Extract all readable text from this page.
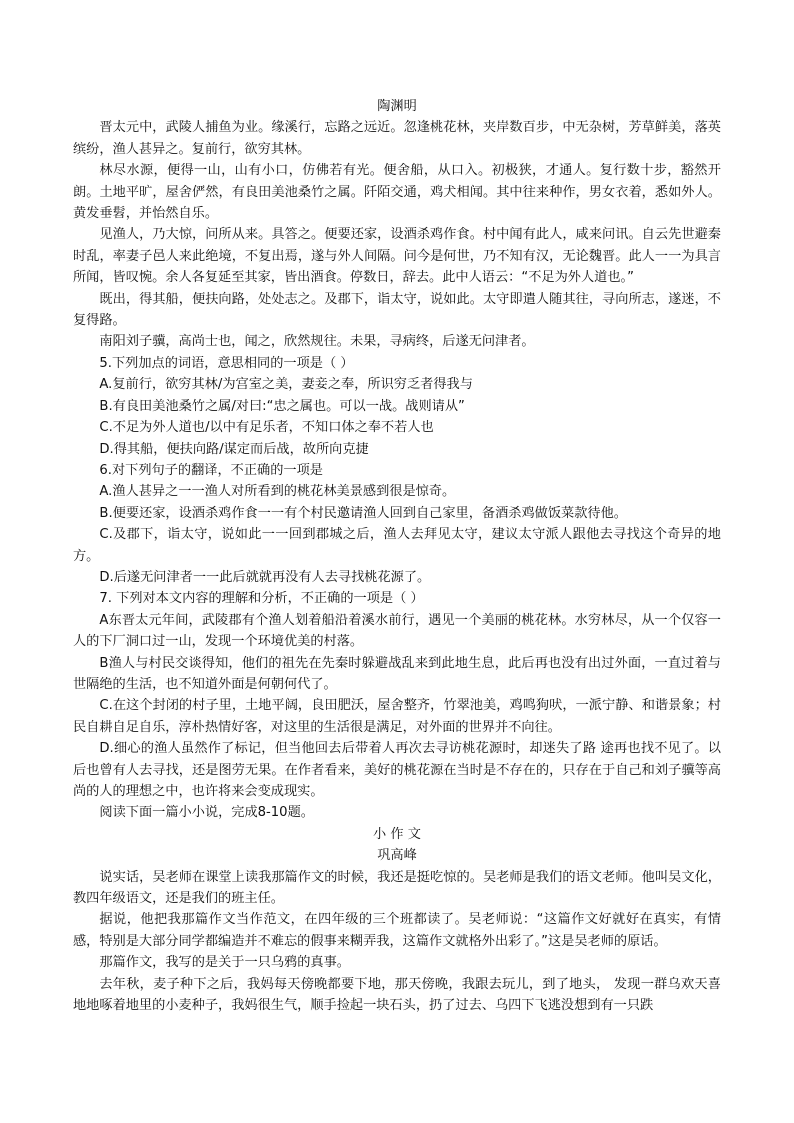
陶渊明

晋太元中，武陵人捕鱼为业。缘溪行，忘路之远近。忽逢桃花林，夹岸数百步，中无杂树，芳草鲜美，落英缤纷，渔人甚异之。复前行，欲穷其林。

林尽水源，便得一山，山有小口，仿佛若有光。便舍船，从口入。初极狭，才通人。复行数十步，豁然开朗。土地平旷，屋舍俨然，有良田美池桑竹之属。阡陌交通，鸡犬相闻。其中往来种作，男女衣着，悉如外人。黄发垂髫，并怡然自乐。

见渔人，乃大惊，问所从来。具答之。便要还家，设酒杀鸡作食。村中闻有此人，咸来问讯。自云先世避秦时乱，率妻子邑人来此绝境，不复出焉，遂与外人间隔。问今是何世，乃不知有汉，无论魏晋。此人一一为具言所闻，皆叹惋。余人各复延至其家，皆出酒食。停数日，辞去。此中人语云：“不足为外人道也。”

既出，得其船，便扶向路，处处志之。及郡下，诣太守，说如此。太守即遣人随其往，寻向所志，遂迷，不复得路。

南阳刘子骥，高尚士也，闻之，欣然规往。未果，寻病终，后遂无问津者。

5.下列加点的词语，意思相同的一项是（ ）

A.复前行，欲穷其林/为宫室之美，妻妾之奉，所识穷乏者得我与

B.有良田美池桑竹之属/对曰:“忠之属也。可以一战。战则请从”

C.不足为外人道也/以中有足乐者，不知口体之奉不若人也

D.得其船，便扶向路/谋定而后战，故所向克捷

6.对下列句子的翻译，不正确的一项是

A.渔人甚异之一一渔人对所看到的桃花林美景感到很是惊奇。

B.便要还家，设酒杀鸡作食一一有个村民邀请渔人回到自己家里，备酒杀鸡做饭菜款待他。

C.及郡下，诣太守，说如此一一回到郡城之后，渔人去拜见太守，建议太守派人跟他去寻找这个奇异的地方。

D.后遂无问津者一一此后就就再没有人去寻找桃花源了。

7. 下列对本文内容的理解和分析，不正确的一项是（ ）

A东晋太元年间，武陵郡有个渔人划着船沿着溪水前行，遇见一个美丽的桃花林。水穷林尽，从一个仅容一人的下厂洞口过一山，发现一个环境优美的村落。

B渔人与村民交谈得知，他们的祖先在先秦时躲避战乱来到此地生息，此后再也没有出过外面，一直过着与世隔绝的生活，也不知道外面是何朝何代了。

C.在这个封闭的村子里，土地平阔，良田肥沃，屋舍整齐，竹翠池美，鸡鸣狗吠，一派宁静、和谐景象；村民自耕自足自乐，淳朴热情好客，对这里的生活很是满足，对外面的世界并不向往。

D.细心的渔人虽然作了标记，但当他回去后带着人再次去寻访桃花源时，却迷失了路 途再也找不见了。以后也曾有人去寻找，还是图劳无果。在作者看来，美好的桃花源在当时是不存在的，只存在于自己和刘子骥等高尚的人的理想之中，也许将来会变成现实。

阅读下面一篇小小说，完成8-10题。

小 作 文

巩高峰

说实话，吴老师在课堂上读我那篇作文的时候，我还是挺吃惊的。吴老师是我们的语文老师。他叫吴文化，教四年级语文，还是我们的班主任。

据说，他把我那篇作文当作范文，在四年级的三个班都读了。吴老师说：“这篇作文好就好在真实，有情感，特别是大部分同学都编造并不难忘的假事来糊弄我，这篇作文就格外出彩了。”这是吴老师的原话。

那篇作文，我写的是关于一只乌鸦的真事。

去年秋，麦子种下之后，我妈每天傍晚都要下地，那天傍晚，我跟去玩儿，到了地头， 发现一群乌欢天喜地地啄着地里的小麦种子，我妈很生气，顺手捡起一块石头，扔了过去、乌四下飞逃没想到有一只跌
